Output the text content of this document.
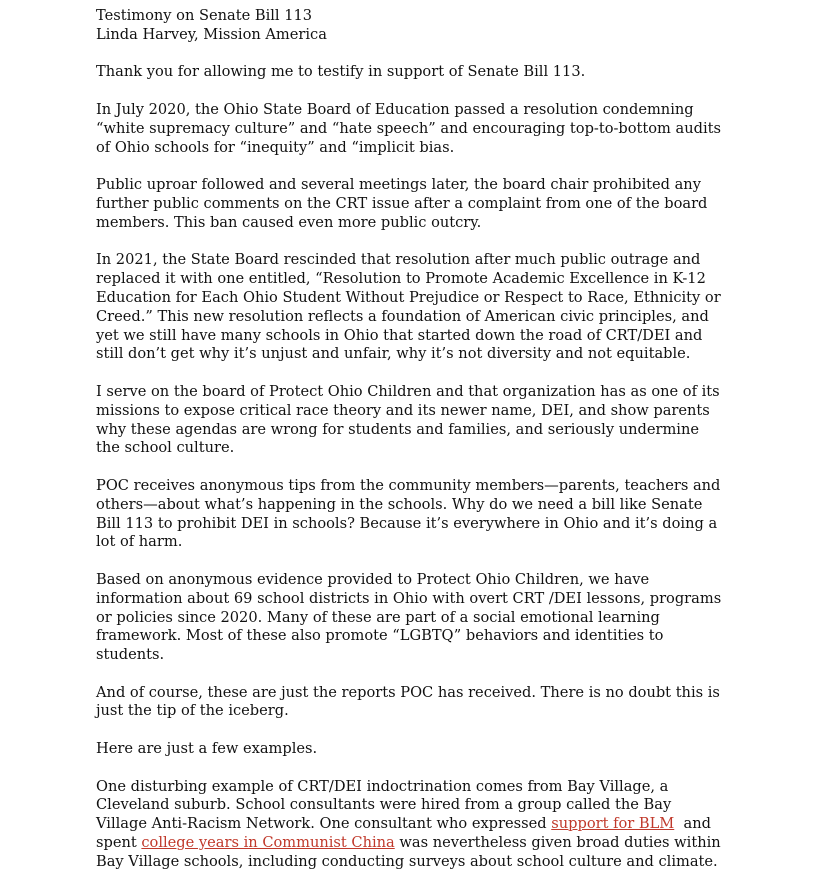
Testimony on Senate Bill 113
Linda Harvey, Mission America

Thank you for allowing me to testify in support of Senate Bill 113.

In July 2020, the Ohio State Board of Education passed a resolution condemning “white supremacy culture” and “hate speech” and encouraging top-to-bottom audits of Ohio schools for “inequity” and “implicit bias.

Public uproar followed and several meetings later, the board chair prohibited any further public comments on the CRT issue after a complaint from one of the board members. This ban caused even more public outcry.

In 2021, the State Board rescinded that resolution after much public outrage and replaced it with one entitled, “Resolution to Promote Academic Excellence in K-12 Education for Each Ohio Student Without Prejudice or Respect to Race, Ethnicity or Creed.” This new resolution reflects a foundation of American civic principles, and yet we still have many schools in Ohio that started down the road of CRT/DEI and still don’t get why it’s unjust and unfair, why it’s not diversity and not equitable.

I serve on the board of Protect Ohio Children and that organization has as one of its missions to expose critical race theory and its newer name, DEI, and show parents why these agendas are wrong for students and families, and seriously undermine the school culture.

POC receives anonymous tips from the community members—parents, teachers and others—about what’s happening in the schools. Why do we need a bill like Senate Bill 113 to prohibit DEI in schools? Because it’s everywhere in Ohio and it’s doing a lot of harm.

Based on anonymous evidence provided to Protect Ohio Children, we have information about 69 school districts in Ohio with overt CRT /DEI lessons, programs or policies since 2020. Many of these are part of a social emotional learning framework. Most of these also promote “LGBTQ” behaviors and identities to students.

And of course, these are just the reports POC has received. There is no doubt this is just the tip of the iceberg.

Here are just a few examples.

One disturbing example of CRT/DEI indoctrination comes from Bay Village, a Cleveland suburb. School consultants were hired from a group called the Bay Village Anti-Racism Network. One consultant who expressed support for BLM  and spent college years in Communist China was nevertheless given broad duties within Bay Village schools, including conducting surveys about school culture and climate.
